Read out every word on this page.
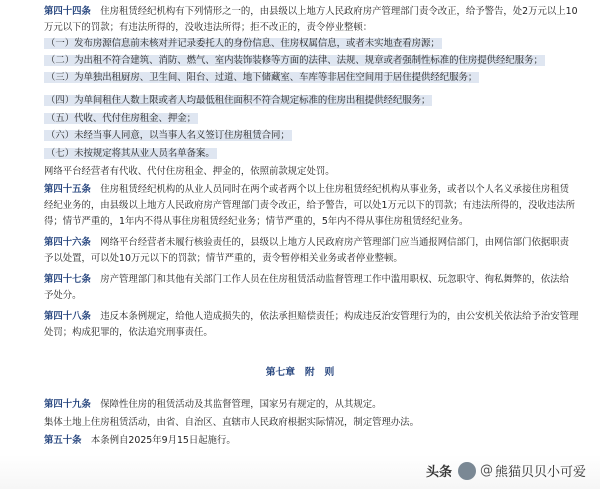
第七章　附　则
第四十四条　住房租赁经纪机构有下列情形之一的，由县级以上地方人民政府房产管理部门责令改正，给予警告，处2万元以上10
万元以下的罚款；有违法所得的，没收违法所得；拒不改正的，责令停业整顿：
（一）发布房源信息前未核对并记录委托人的身份信息、住房权属信息，或者未实地查看房源；
（二）为出租不符合建筑、消防、燃气、室内装饰装修等方面的法律、法规、规章或者强制性标准的住房提供经纪服务；
（三）为单独出租厨房、卫生间、阳台、过道、地下储藏室、车库等非居住空间用于居住提供经纪服务；
（四）为单间租住人数上限或者人均最低租住面积不符合规定标准的住房出租提供经纪服务；
（五）代收、代付住房租金、押金；
（六）未经当事人同意，以当事人名义签订住房租赁合同；
（七）未按规定将其从业人员名单备案。
网络平台经营者有代收、代付住房租金、押金的，依照前款规定处罚。
第四十五条　住房租赁经纪机构的从业人员同时在两个或者两个以上住房租赁经纪机构从事业务，或者以个人名义承接住房租赁
经纪业务的，由县级以上地方人民政府房产管理部门责令改正，给予警告，可以处1万元以下的罚款；有违法所得的，没收违法所
得；情节严重的，1年内不得从事住房租赁经纪业务；情节严重的，5年内不得从事住房租赁经纪业务。
第四十六条　网络平台经营者未履行核验责任的，县级以上地方人民政府房产管理部门应当通报网信部门，由网信部门依据职责
予以处置，可以处10万元以下的罚款；情节严重的，责令暂停相关业务或者停业整顿。
第四十七条　房产管理部门和其他有关部门工作人员在住房租赁活动监督管理工作中滥用职权、玩忽职守、徇私舞弊的，依法给
予处分。
第四十八条　违反本条例规定，给他人造成损失的，依法承担赔偿责任；构成违反治安管理行为的，由公安机关依法给予治安管理
处罚；构成犯罪的，依法追究刑事责任。
第四十九条　保障性住房的租赁活动及其监督管理，国家另有规定的，从其规定。
集体土地上住房租赁活动，由省、自治区、直辖市人民政府根据实际情况，制定管理办法。
第五十条　本条例自2025年9月15日起施行。
头条 @ 熊猫贝贝小可爱
